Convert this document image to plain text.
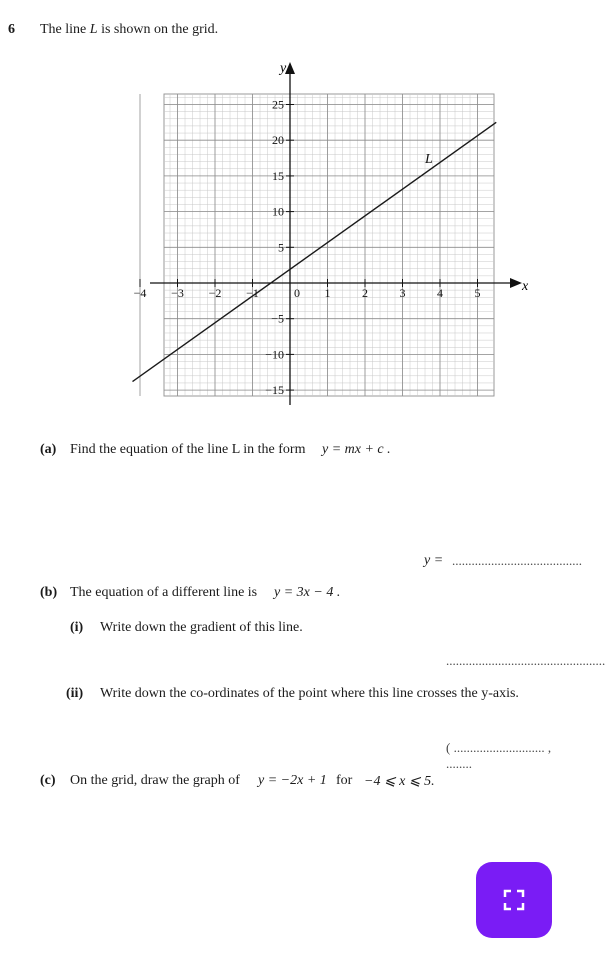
6 The line L is shown on the grid.
x
y
−4 −3 −2 −1	1	2	3	4	5
0
−15
−10
−5
5
10
15
20
25
L
(a) Find the equation of the line L in the form y = mx + c .
y = ........................................
(b) The equation of a different line is y = 3x − 4 .
(i) Write down the gradient of this line.
.................................................
(ii) Write down the co-ordinates of the point where this line crosses the y-axis.
( ............................ , ........
(c) On the grid, draw the graph of y = −2x + 1 for −4 ⩽ x ⩽ 5.
